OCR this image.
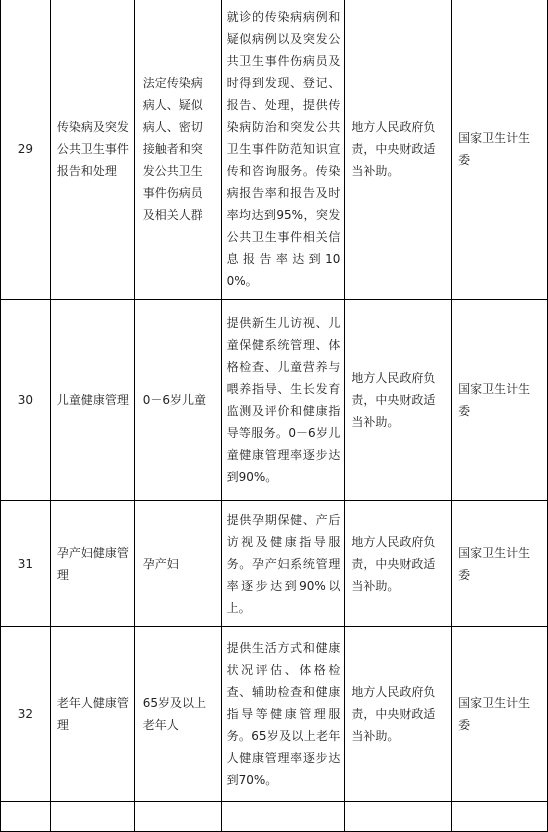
29	传染病及突发公共卫生事件报告和处理	法定传染病病人、疑似病人、密切接触者和突发公共卫生事件伤病员及相关人群	就诊的传染病病例和疑似病例以及突发公共卫生事件伤病员及时得到发现、登记、报告、处理，提供传染病防治和突发公共卫生事件防范知识宣传和咨询服务。传染病报告率和报告及时率均达到95%，突发公共卫生事件相关信息报告率达到100%。	地方人民政府负责，中央财政适当补助。	国家卫生计生委
30	儿童健康管理	0－6岁儿童	提供新生儿访视、儿童保健系统管理、体格检查、儿童营养与喂养指导、生长发育监测及评价和健康指导等服务。0－6岁儿童健康管理率逐步达到90%。	地方人民政府负责，中央财政适当补助。	国家卫生计生委
31	孕产妇健康管理	孕产妇	提供孕期保健、产后访视及健康指导服务。孕产妇系统管理率逐步达到90%以上。	地方人民政府负责，中央财政适当补助。	国家卫生计生委
32	老年人健康管理	65岁及以上老年人	提供生活方式和健康状况评估、体格检查、辅助检查和健康指导等健康管理服务。65岁及以上老年人健康管理率逐步达到70%。	地方人民政府负责，中央财政适当补助。	国家卫生计生委
